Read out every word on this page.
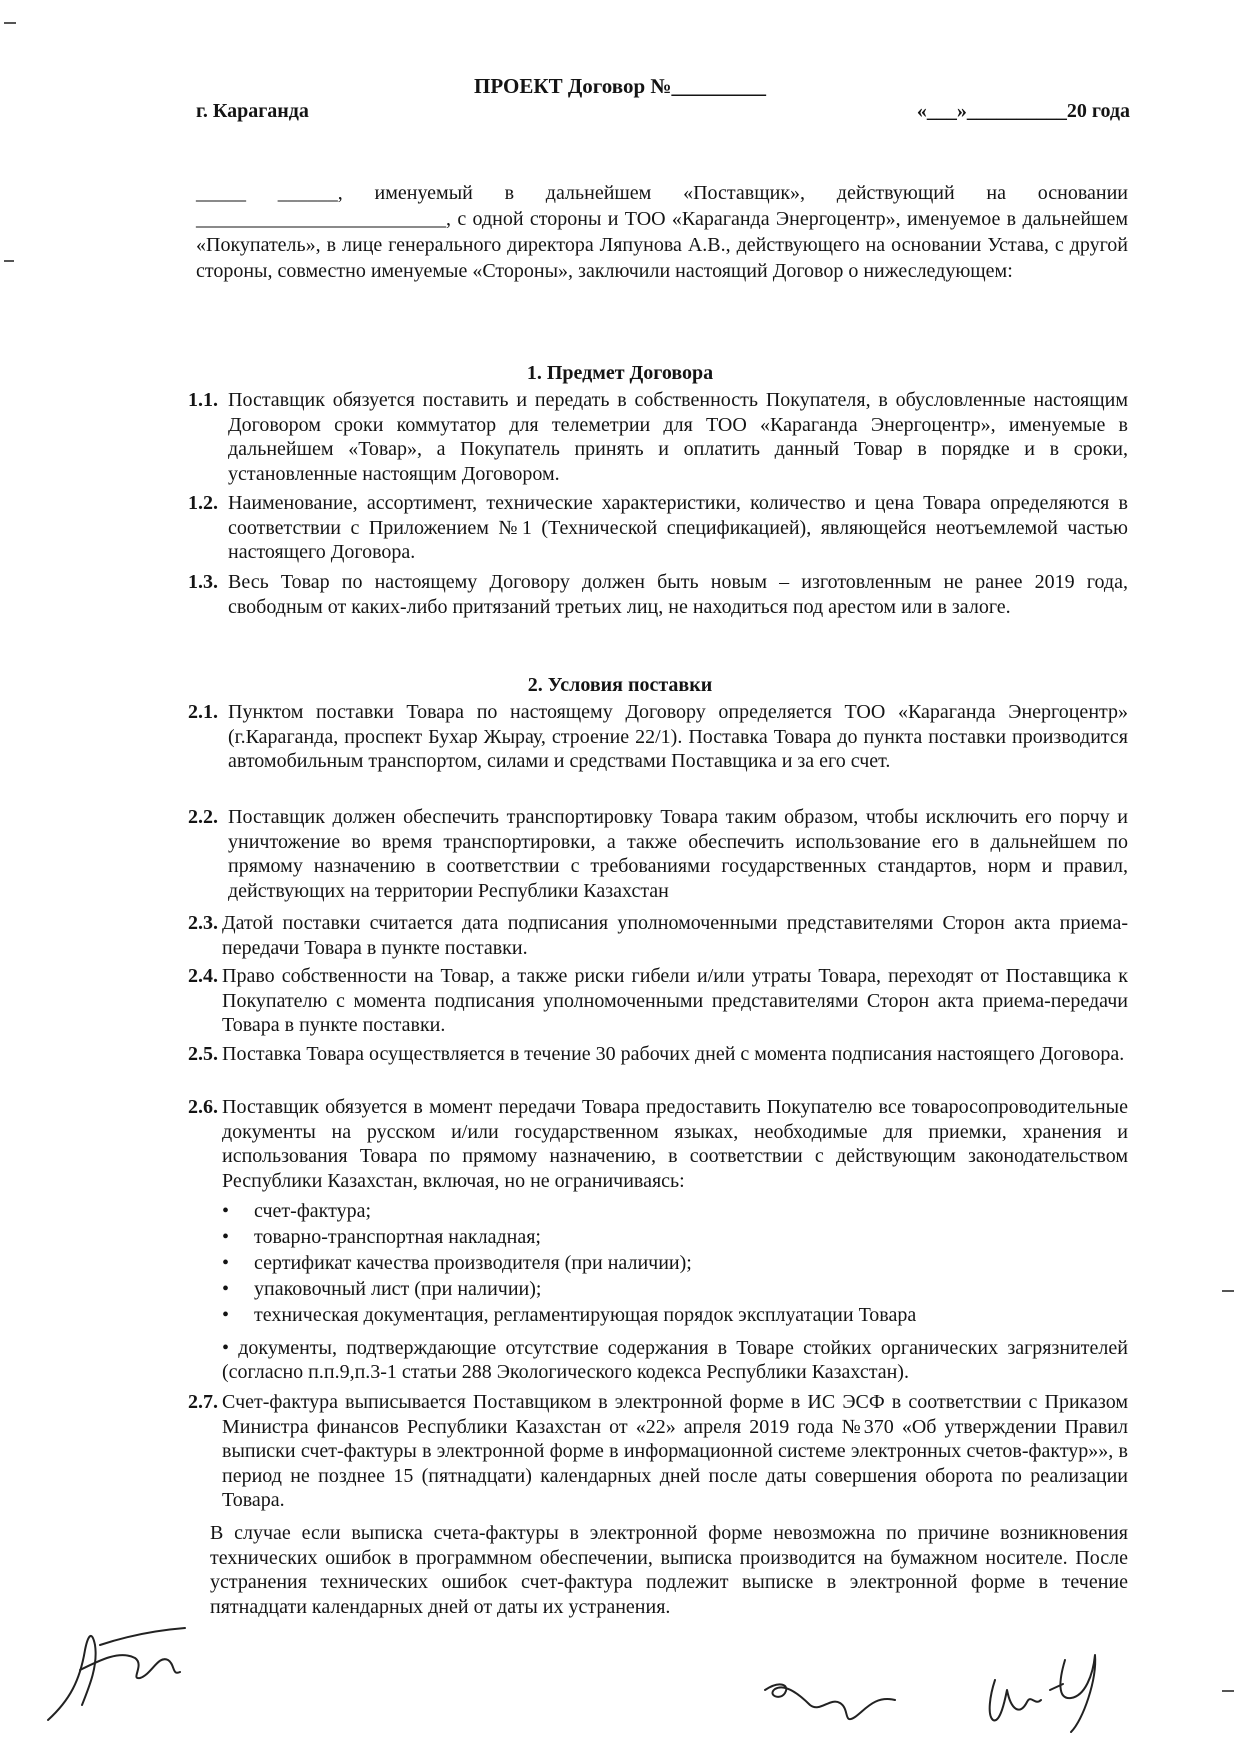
ПРОЕКТ Договор №_________
г. Караганда	«___»__________20 года
_____ ______, именуемый в дальнейшем «Поставщик», действующий на основании _________________________, с одной стороны и ТОО «Караганда Энергоцентр», именуемое в дальнейшем «Покупатель», в лице генерального директора Ляпунова А.В., действующего на основании Устава, с другой стороны, совместно именуемые «Стороны», заключили настоящий Договор о нижеследующем:
1. Предмет Договора
1.1. Поставщик обязуется поставить и передать в собственность Покупателя, в обусловленные настоящим Договором сроки коммутатор для телеметрии для ТОО «Караганда Энергоцентр», именуемые в дальнейшем «Товар», а Покупатель принять и оплатить данный Товар в порядке и в сроки, установленные настоящим Договором.
1.2. Наименование, ассортимент, технические характеристики, количество и цена Товара определяются в соответствии с Приложением №1 (Технической спецификацией), являющейся неотъемлемой частью настоящего Договора.
1.3. Весь Товар по настоящему Договору должен быть новым – изготовленным не ранее 2019 года, свободным от каких-либо притязаний третьих лиц, не находиться под арестом или в залоге.
2. Условия поставки
2.1. Пунктом поставки Товара по настоящему Договору определяется ТОО «Караганда Энергоцентр» (г.Караганда, проспект Бухар Жырау, строение 22/1). Поставка Товара до пункта поставки производится автомобильным транспортом, силами и средствами Поставщика и за его счет.
2.2. Поставщик должен обеспечить транспортировку Товара таким образом, чтобы исключить его порчу и уничтожение во время транспортировки, а также обеспечить использование его в дальнейшем по прямому назначению в соответствии с требованиями государственных стандартов, норм и правил, действующих на территории Республики Казахстан
2.3. Датой поставки считается дата подписания уполномоченными представителями Сторон акта приема-передачи Товара в пункте поставки.
2.4. Право собственности на Товар, а также риски гибели и/или утраты Товара, переходят от Поставщика к Покупателю с момента подписания уполномоченными представителями Сторон акта приема-передачи Товара в пункте поставки.
2.5. Поставка Товара осуществляется в течение 30 рабочих дней с момента подписания настоящего Договора.
2.6. Поставщик обязуется в момент передачи Товара предоставить Покупателю все товаросопроводительные документы на русском и/или государственном языках, необходимые для приемки, хранения и использования Товара по прямому назначению, в соответствии с действующим законодательством Республики Казахстан, включая, но не ограничиваясь:
• счет-фактура;
• товарно-транспортная накладная;
• сертификат качества производителя (при наличии);
• упаковочный лист (при наличии);
• техническая документация, регламентирующая порядок эксплуатации Товара
• документы, подтверждающие отсутствие содержания в Товаре стойких органических загрязнителей (согласно п.п.9,п.3-1 статьи 288 Экологического кодекса Республики Казахстан).
2.7. Счет-фактура выписывается Поставщиком в электронной форме в ИС ЭСФ в соответствии с Приказом Министра финансов Республики Казахстан от «22» апреля 2019 года №370 «Об утверждении Правил выписки счет-фактуры в электронной форме в информационной системе электронных счетов-фактур»», в период не позднее 15 (пятнадцати) календарных дней после даты совершения оборота по реализации Товара.
В случае если выписка счета-фактуры в электронной форме невозможна по причине возникновения технических ошибок в программном обеспечении, выписка производится на бумажном носителе. После устранения технических ошибок счет-фактура подлежит выписке в электронной форме в течение пятнадцати календарных дней от даты их устранения.
